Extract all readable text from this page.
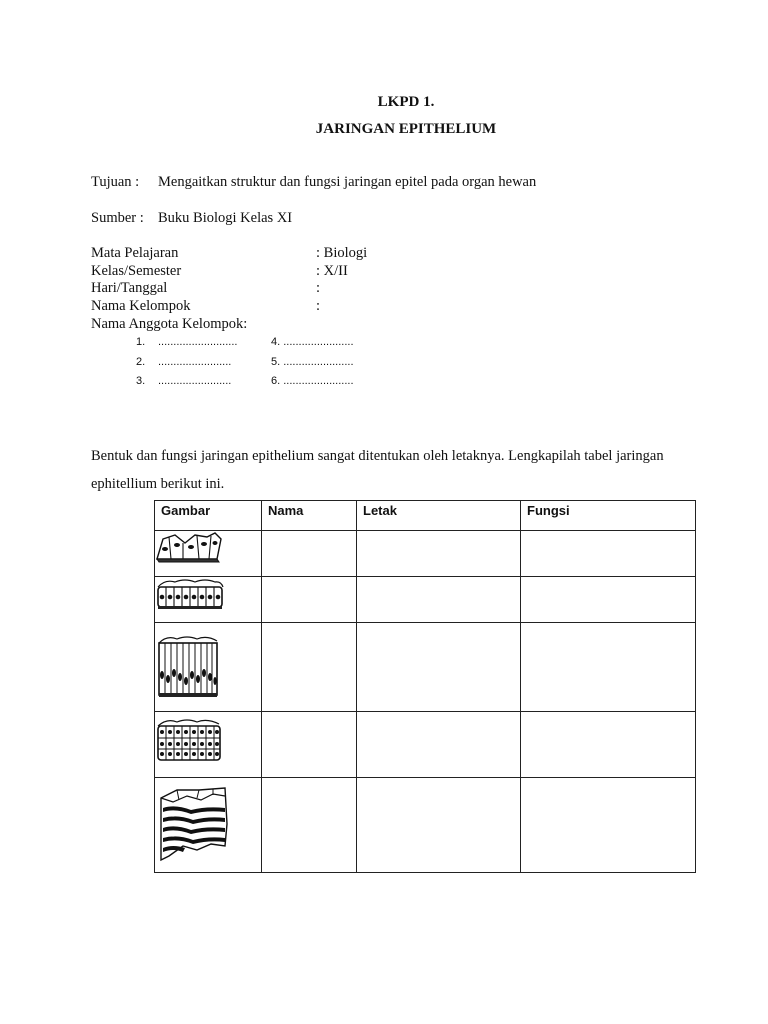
LKPD 1.
JARINGAN EPITHELIUM
Tujuan : Mengaitkan struktur dan fungsi jaringan epitel pada organ hewan
Sumber : Buku Biologi Kelas XI
Mata Pelajaran	: Biologi
Kelas/Semester	: X/II
Hari/Tanggal	:
Nama Kelompok	:
Nama Anggota Kelompok:
1. ..........................
2. ........................
3. ........................
4. .......................
5. .......................
6. .......................
Bentuk dan fungsi jaringan epithelium sangat ditentukan oleh letaknya. Lengkapilah tabel jaringan
ephitellium berikut ini.
Gambar	Nama	Letak	Fungsi
